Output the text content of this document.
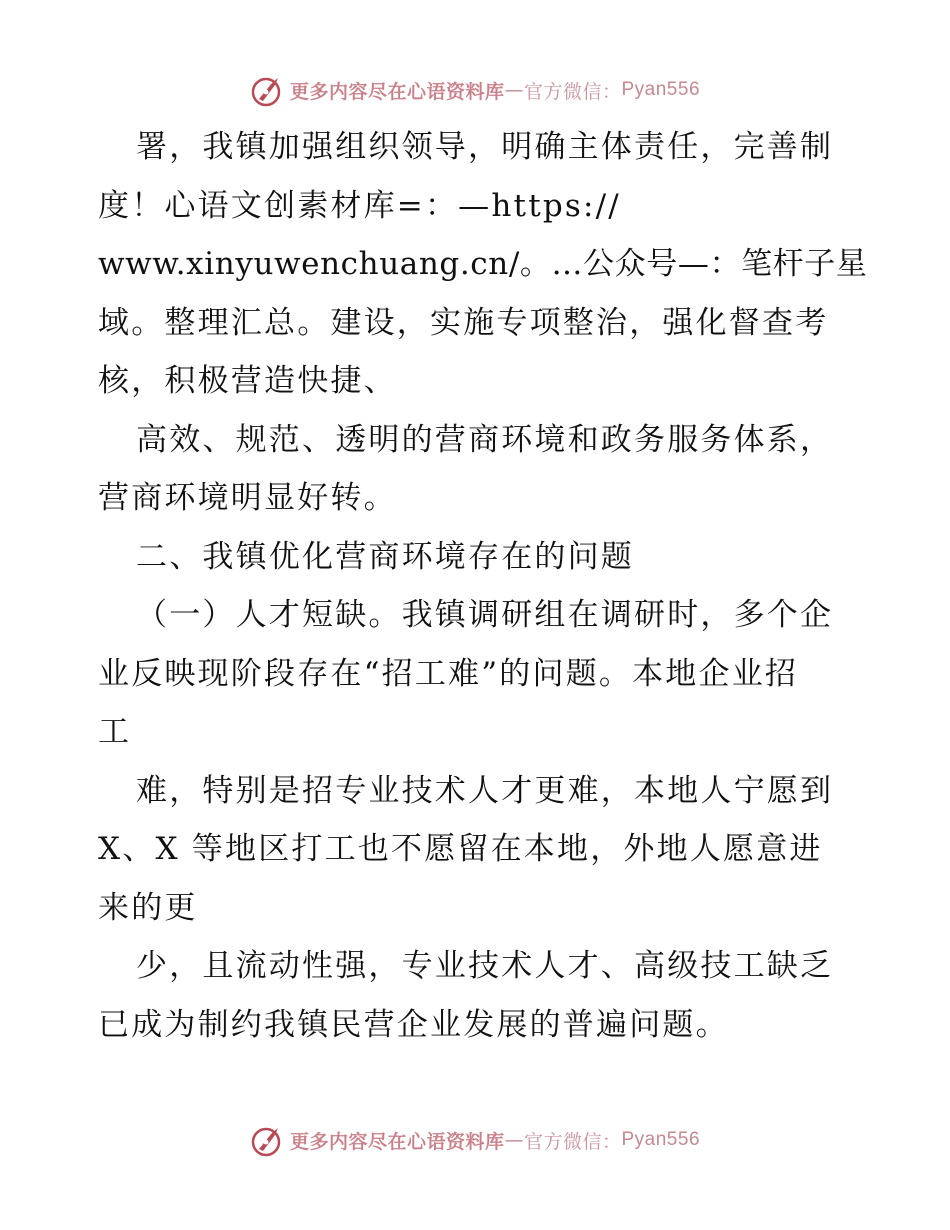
更多内容尽在心语资料库 — 官方微信： Pyan556
署，我镇加强组织领导，明确主体责任，完善制
度！心语文创素材库=：—https://
www.xinyuwenchuang.cn/。…公众号—：笔杆子星
域。整理汇总。建设，实施专项整治，强化督查考
核，积极营造快捷、
高效、规范、透明的营商环境和政务服务体系，
营商环境明显好转。
二、我镇优化营商环境存在的问题
（一）人才短缺。我镇调研组在调研时，多个企
业反映现阶段存在“招工难”的问题。本地企业招
工
难，特别是招专业技术人才更难，本地人宁愿到
X、X 等地区打工也不愿留在本地，外地人愿意进
来的更
少，且流动性强，专业技术人才、高级技工缺乏
已成为制约我镇民营企业发展的普遍问题。
更多内容尽在心语资料库 — 官方微信： Pyan556
